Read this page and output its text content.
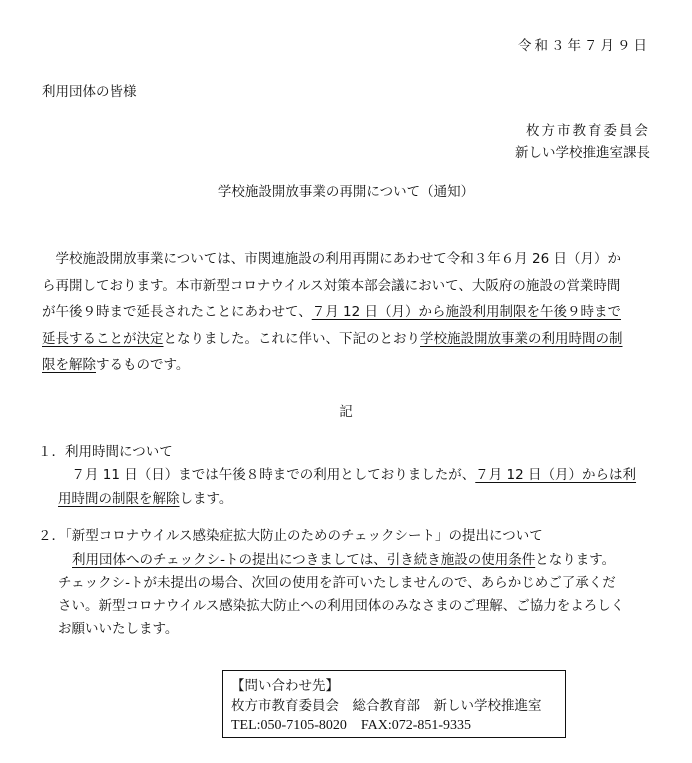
令和３年７月９日
利用団体の皆様
枚方市教育委員会
新しい学校推進室課長
学校施設開放事業の再開について（通知）

　学校施設開放事業については、市関連施設の利用再開にあわせて令和３年６月 26 日（月）か

ら再開しております。本市新型コロナウイルス対策本部会議において、大阪府の施設の営業時間

が午後９時まで延長されたことにあわせて、７月 12 日（月）から施設利用制限を午後９時まで

延長することが決定となりました。これに伴い、下記のとおり学校施設開放事業の利用時間の制

限を解除するものです。

記
１．利用時間について
　７月 11 日（日）までは午後８時までの利用としておりましたが、７月 12 日（月）からは利
用時間の制限を解除します。
２．「新型コロナウイルス感染症拡大防止のためのチェックシート」の提出について
利用団体へのチェックシ-トの提出につきましては、引き続き施設の使用条件となります。
チェックシ-トが未提出の場合、次回の使用を許可いたしませんので、あらかじめご了承くだ
さい。新型コロナウイルス感染拡大防止への利用団体のみなさまのご理解、ご協力をよろしく
お願いいたします。
【問い合わせ先】
枚方市教育委員会　総合教育部　新しい学校推進室
TEL:050-7105-8020　FAX:072-851-9335
